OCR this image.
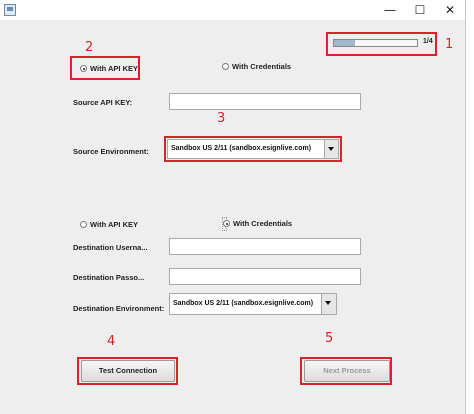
—	☐	✕
1/4
With API KEY	With Credentials
Source API KEY:
Source Environment:	Sandbox US 2/11 (sandbox.esignlive.com)
With API KEY	With Credentials
Destination Userna...
Destination Passo...
Destination Environment:
Sandbox US 2/11 (sandbox.esignlive.com)
Test Connection	Next Process
1
2
3
4	5
